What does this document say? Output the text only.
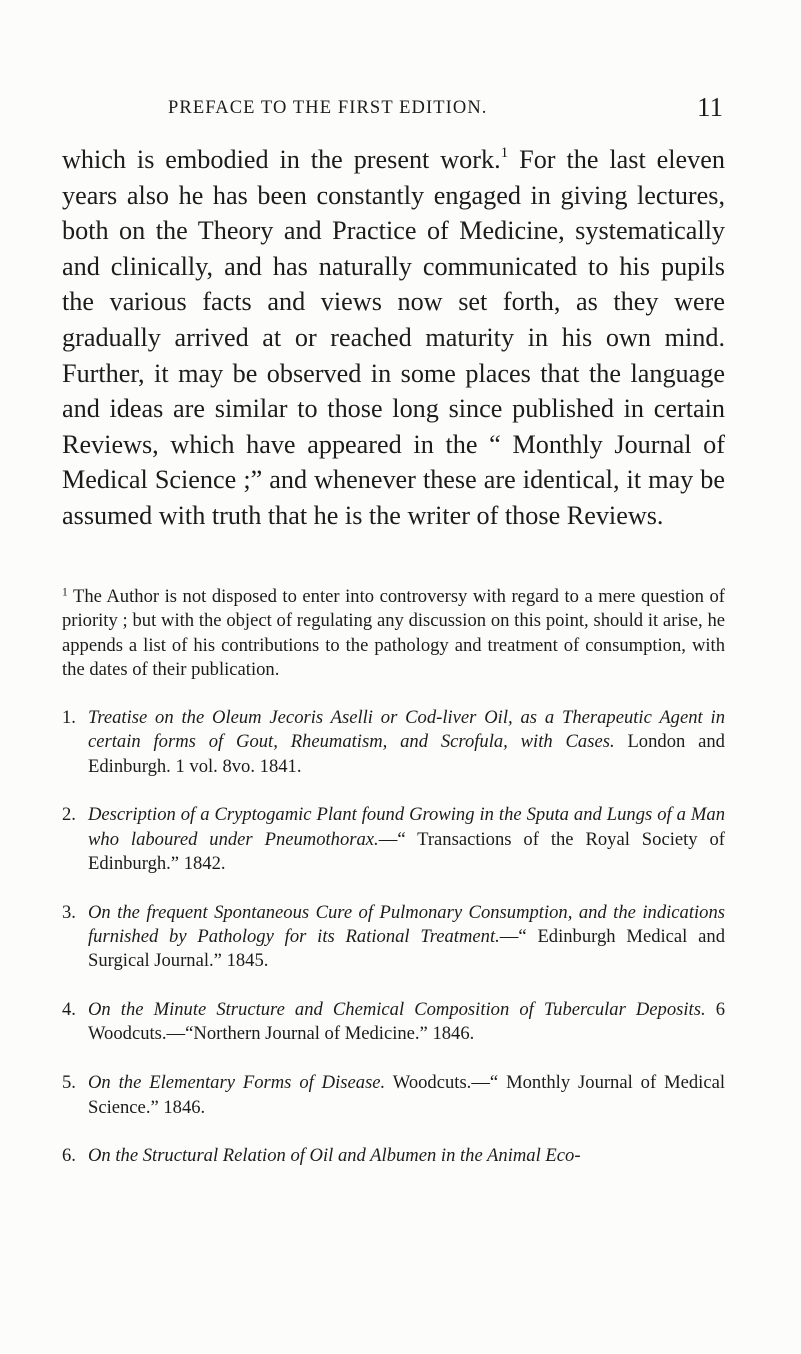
PREFACE TO THE FIRST EDITION.	11

which is embodied in the present work.$^1$ For the last eleven years also he has been constantly engaged in giving lectures, both on the Theory and Practice of Medicine, systematically and clinically, and has naturally communicated to his pupils the various facts and views now set forth, as they were gradually arrived at or reached maturity in his own mind. Further, it may be observed in some places that the language and ideas are similar to those long since published in certain Reviews, which have appeared in the “ Monthly Journal of Medical Science ;” and whenever these are identical, it may be assumed with truth that he is the writer of those Reviews.

$^1$ The Author is not disposed to enter into controversy with regard to a mere question of priority ; but with the object of regulating any discussion on this point, should it arise, he appends a list of his contributions to the pathology and treatment of consumption, with the dates of their publication.

1. Treatise on the Oleum Jecoris Aselli or Cod-liver Oil, as a Therapeutic Agent in certain forms of Gout, Rheumatism, and Scrofula, with Cases. London and Edinburgh. 1 vol. 8vo. 1841.
2. Description of a Cryptogamic Plant found Growing in the Sputa and Lungs of a Man who laboured under Pneumothorax.—“ Transactions of the Royal Society of Edinburgh.” 1842.
3. On the frequent Spontaneous Cure of Pulmonary Consumption, and the indications furnished by Pathology for its Rational Treatment.—“ Edinburgh Medical and Surgical Journal.” 1845.
4. On the Minute Structure and Chemical Composition of Tubercular Deposits. 6 Woodcuts.—“Northern Journal of Medicine.” 1846.
5. On the Elementary Forms of Disease. Woodcuts.—“ Monthly Journal of Medical Science.” 1846.
6. On the Structural Relation of Oil and Albumen in the Animal Eco-
